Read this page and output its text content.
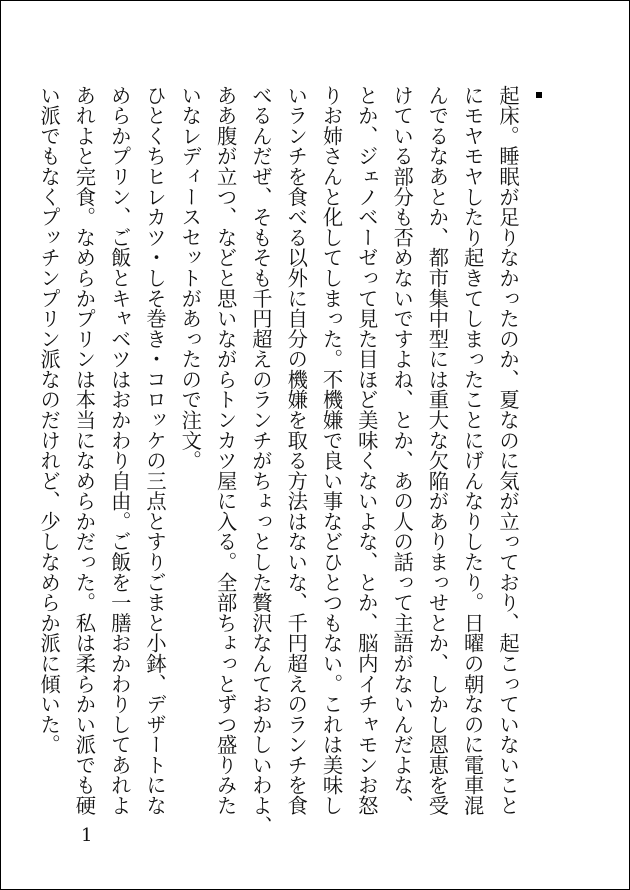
起床。睡眠が足りなかったのか、夏なのに気が立っており、起こっていないこと
にモヤモヤしたり起きてしまったことにげんなりしたり。日曜の朝なのに電車混
んでるなあとか、都市集中型には重大な欠陥がありまっせとか、しかし恩恵を受
けている部分も否めないですよね、とか、あの人の話って主語がないんだよな、
とか、ジェノベーゼって見た目ほど美味くないよな、とか、脳内イチャモンお怒
りお姉さんと化してしまった。不機嫌で良い事などひとつもない。これは美味し
いランチを食べる以外に自分の機嫌を取る方法はないな、千円超えのランチを食
べるんだぜ、そもそも千円超えのランチがちょっとした贅沢なんておかしいわよ、
ああ腹が立つ、などと思いながらトンカツ屋に入る。全部ちょっとずつ盛りみた
いなレディースセットがあったので注文。
ひとくちヒレカツ・しそ巻き・コロッケの三点とすりごまと小鉢、デザートにな
めらかプリン、ご飯とキャベツはおかわり自由。ご飯を一膳おかわりしてあれよ
あれよと完食。なめらかプリンは本当になめらかだった。私は柔らかい派でも硬
い派でもなくプッチンプリン派なのだけれど、少しなめらか派に傾いた。
1
